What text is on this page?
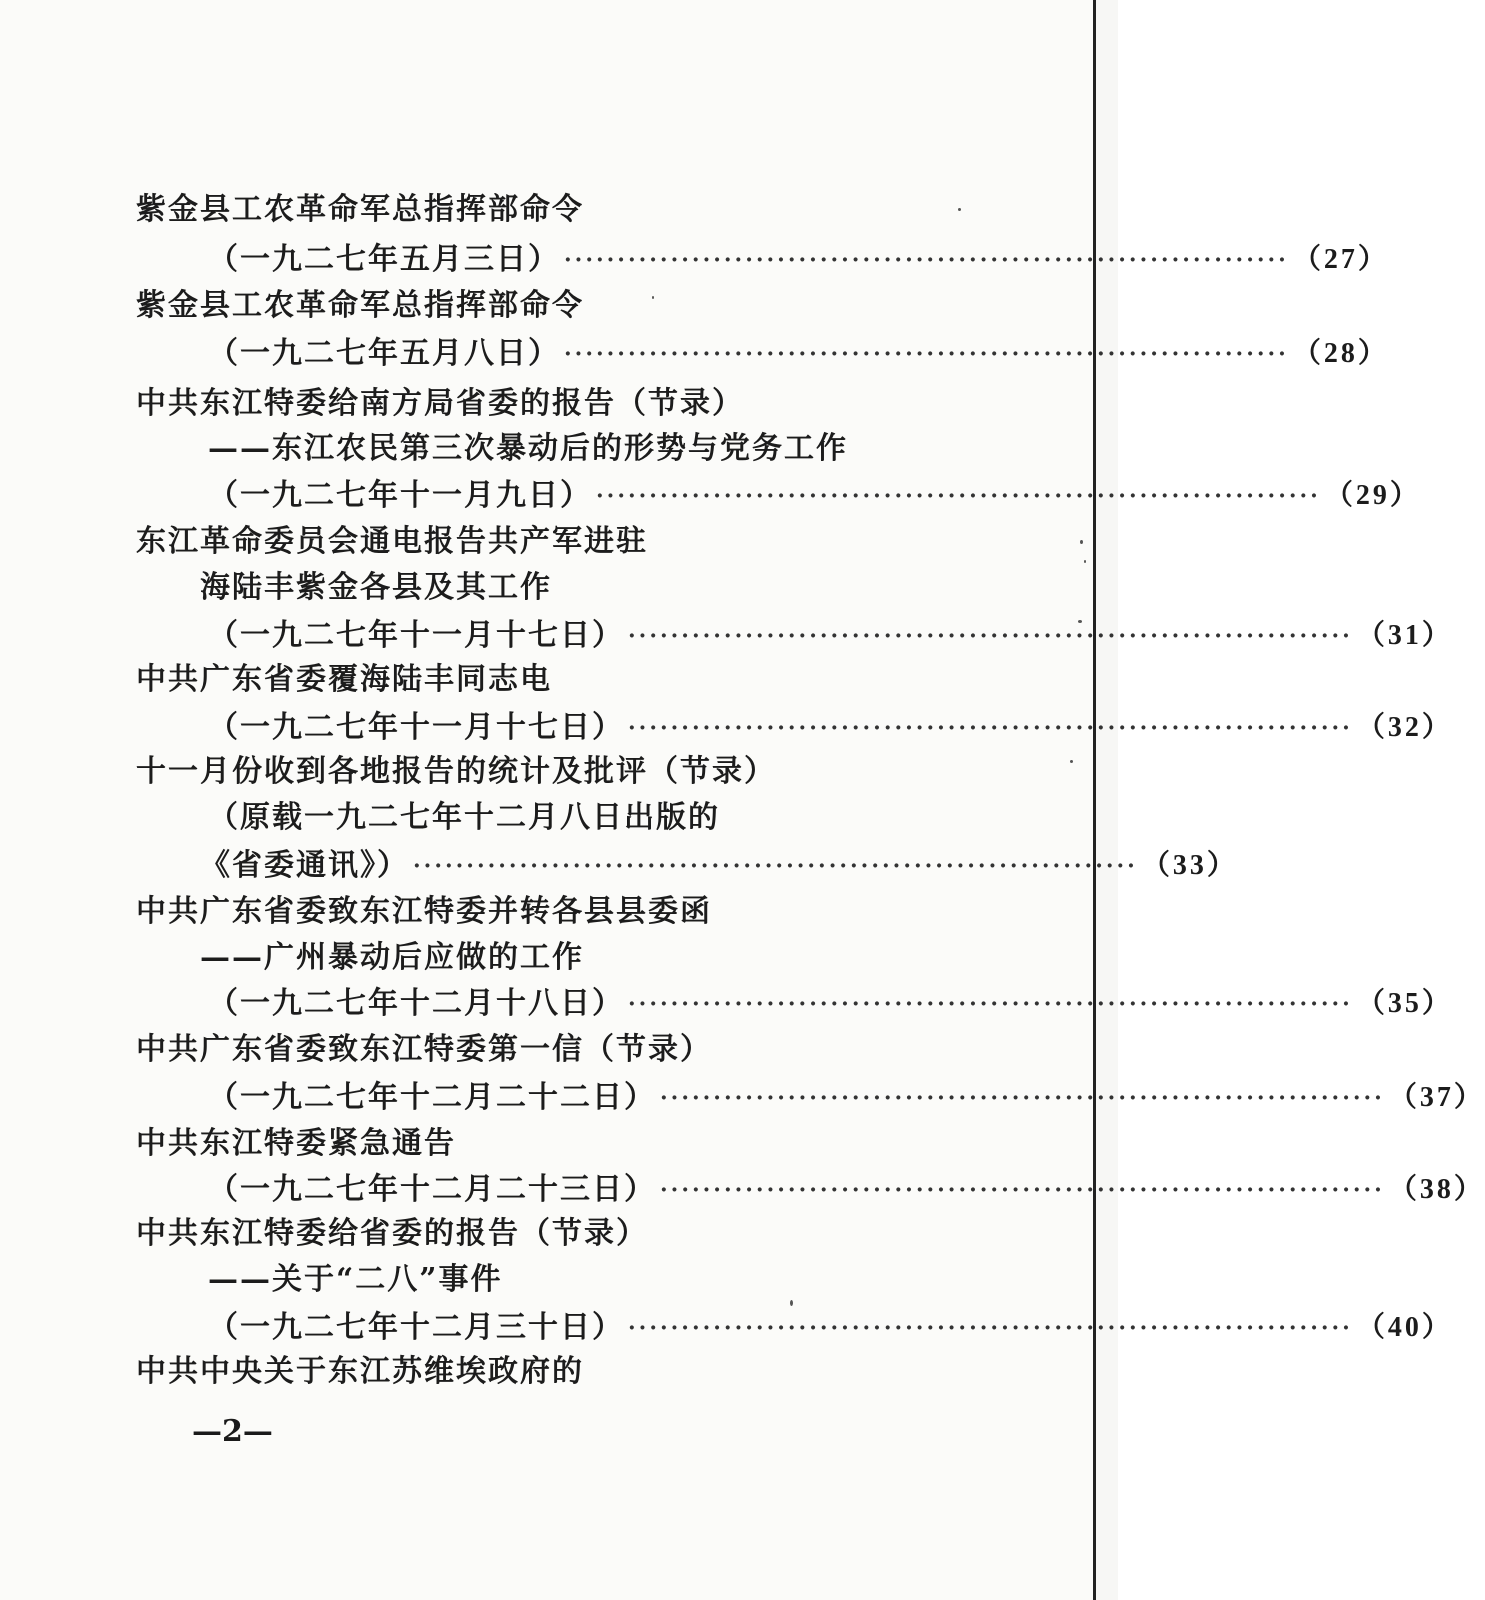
紫金县工农革命军总指挥部命令
（一九二七年五月三日） ···································································· （27）
紫金县工农革命军总指挥部命令
（一九二七年五月八日） ···································································· （28）
中共东江特委给南方局省委的报告（节录）
——东江农民第三次暴动后的形势与党务工作
（一九二七年十一月九日） ···································································· （29）
东江革命委员会通电报告共产军进驻
海陆丰紫金各县及其工作
（一九二七年十一月十七日） ···································································· （31）
中共广东省委覆海陆丰同志电
（一九二七年十一月十七日） ···································································· （32）
十一月份收到各地报告的统计及批评（节录）
（原载一九二七年十二月八日出版的
《省委通讯》） ···································································· （33）
中共广东省委致东江特委并转各县县委函
——广州暴动后应做的工作
（一九二七年十二月十八日） ···································································· （35）
中共广东省委致东江特委第一信（节录）
（一九二七年十二月二十二日） ···································································· （37）
中共东江特委紧急通告
（一九二七年十二月二十三日） ···································································· （38）
中共东江特委给省委的报告（节录）
——关于“二八”事件
（一九二七年十二月三十日） ···································································· （40）
中共中央关于东江苏维埃政府的
—2—
